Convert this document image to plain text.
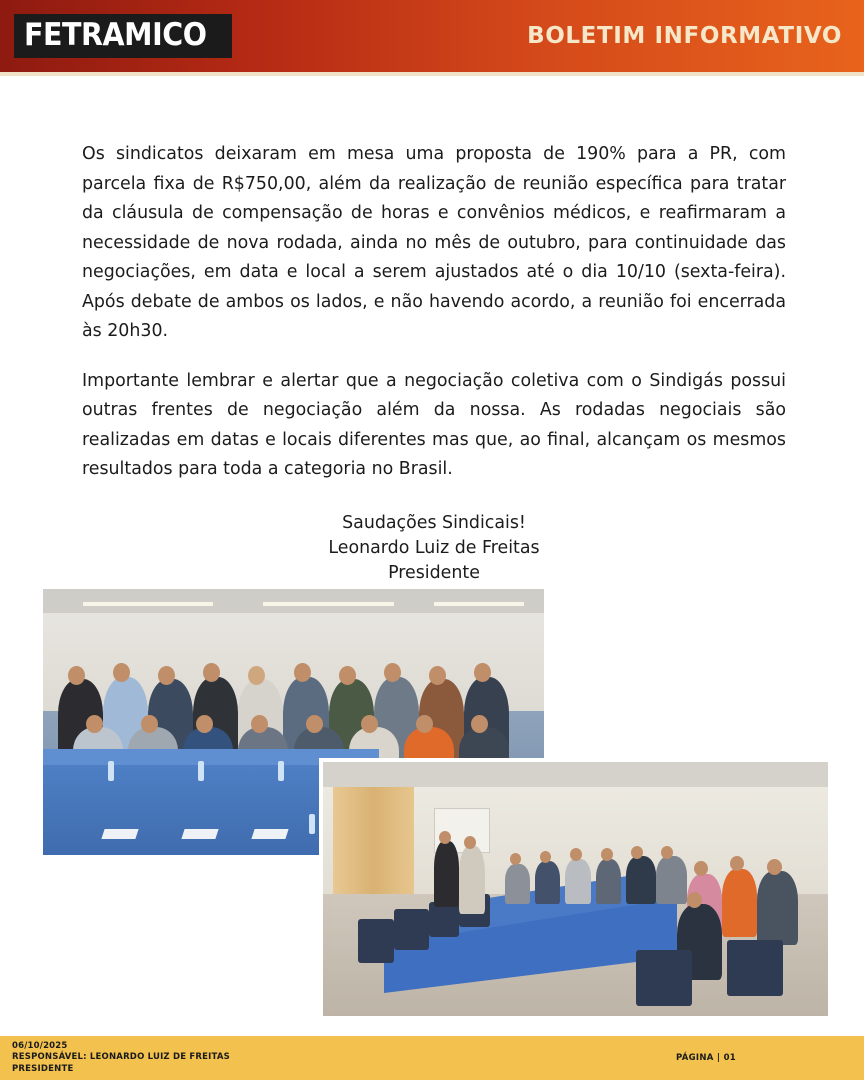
FETRAMICO	BOLETIM INFORMATIVO

Os sindicatos deixaram em mesa uma proposta de 190% para a PR, com parcela fixa de R$750,00, além da realização de reunião específica para tratar da cláusula de compensação de horas e convênios médicos, e reafirmaram a necessidade de nova rodada, ainda no mês de outubro, para continuidade das negociações, em data e local a serem ajustados até o dia 10/10 (sexta-feira). Após debate de ambos os lados, e não havendo acordo, a reunião foi encerrada às 20h30.

Importante lembrar e alertar que a negociação coletiva com o Sindigás possui outras frentes de negociação além da nossa. As rodadas negociais são realizadas em datas e locais diferentes mas que, ao final, alcançam os mesmos resultados para toda a categoria no Brasil.

Saudações Sindicais!
Leonardo Luiz de Freitas
Presidente
06/10/2025
RESPONSÁVEL: LEONARDO LUIZ DE FREITAS
PRESIDENTE
PÁGINA | 01
